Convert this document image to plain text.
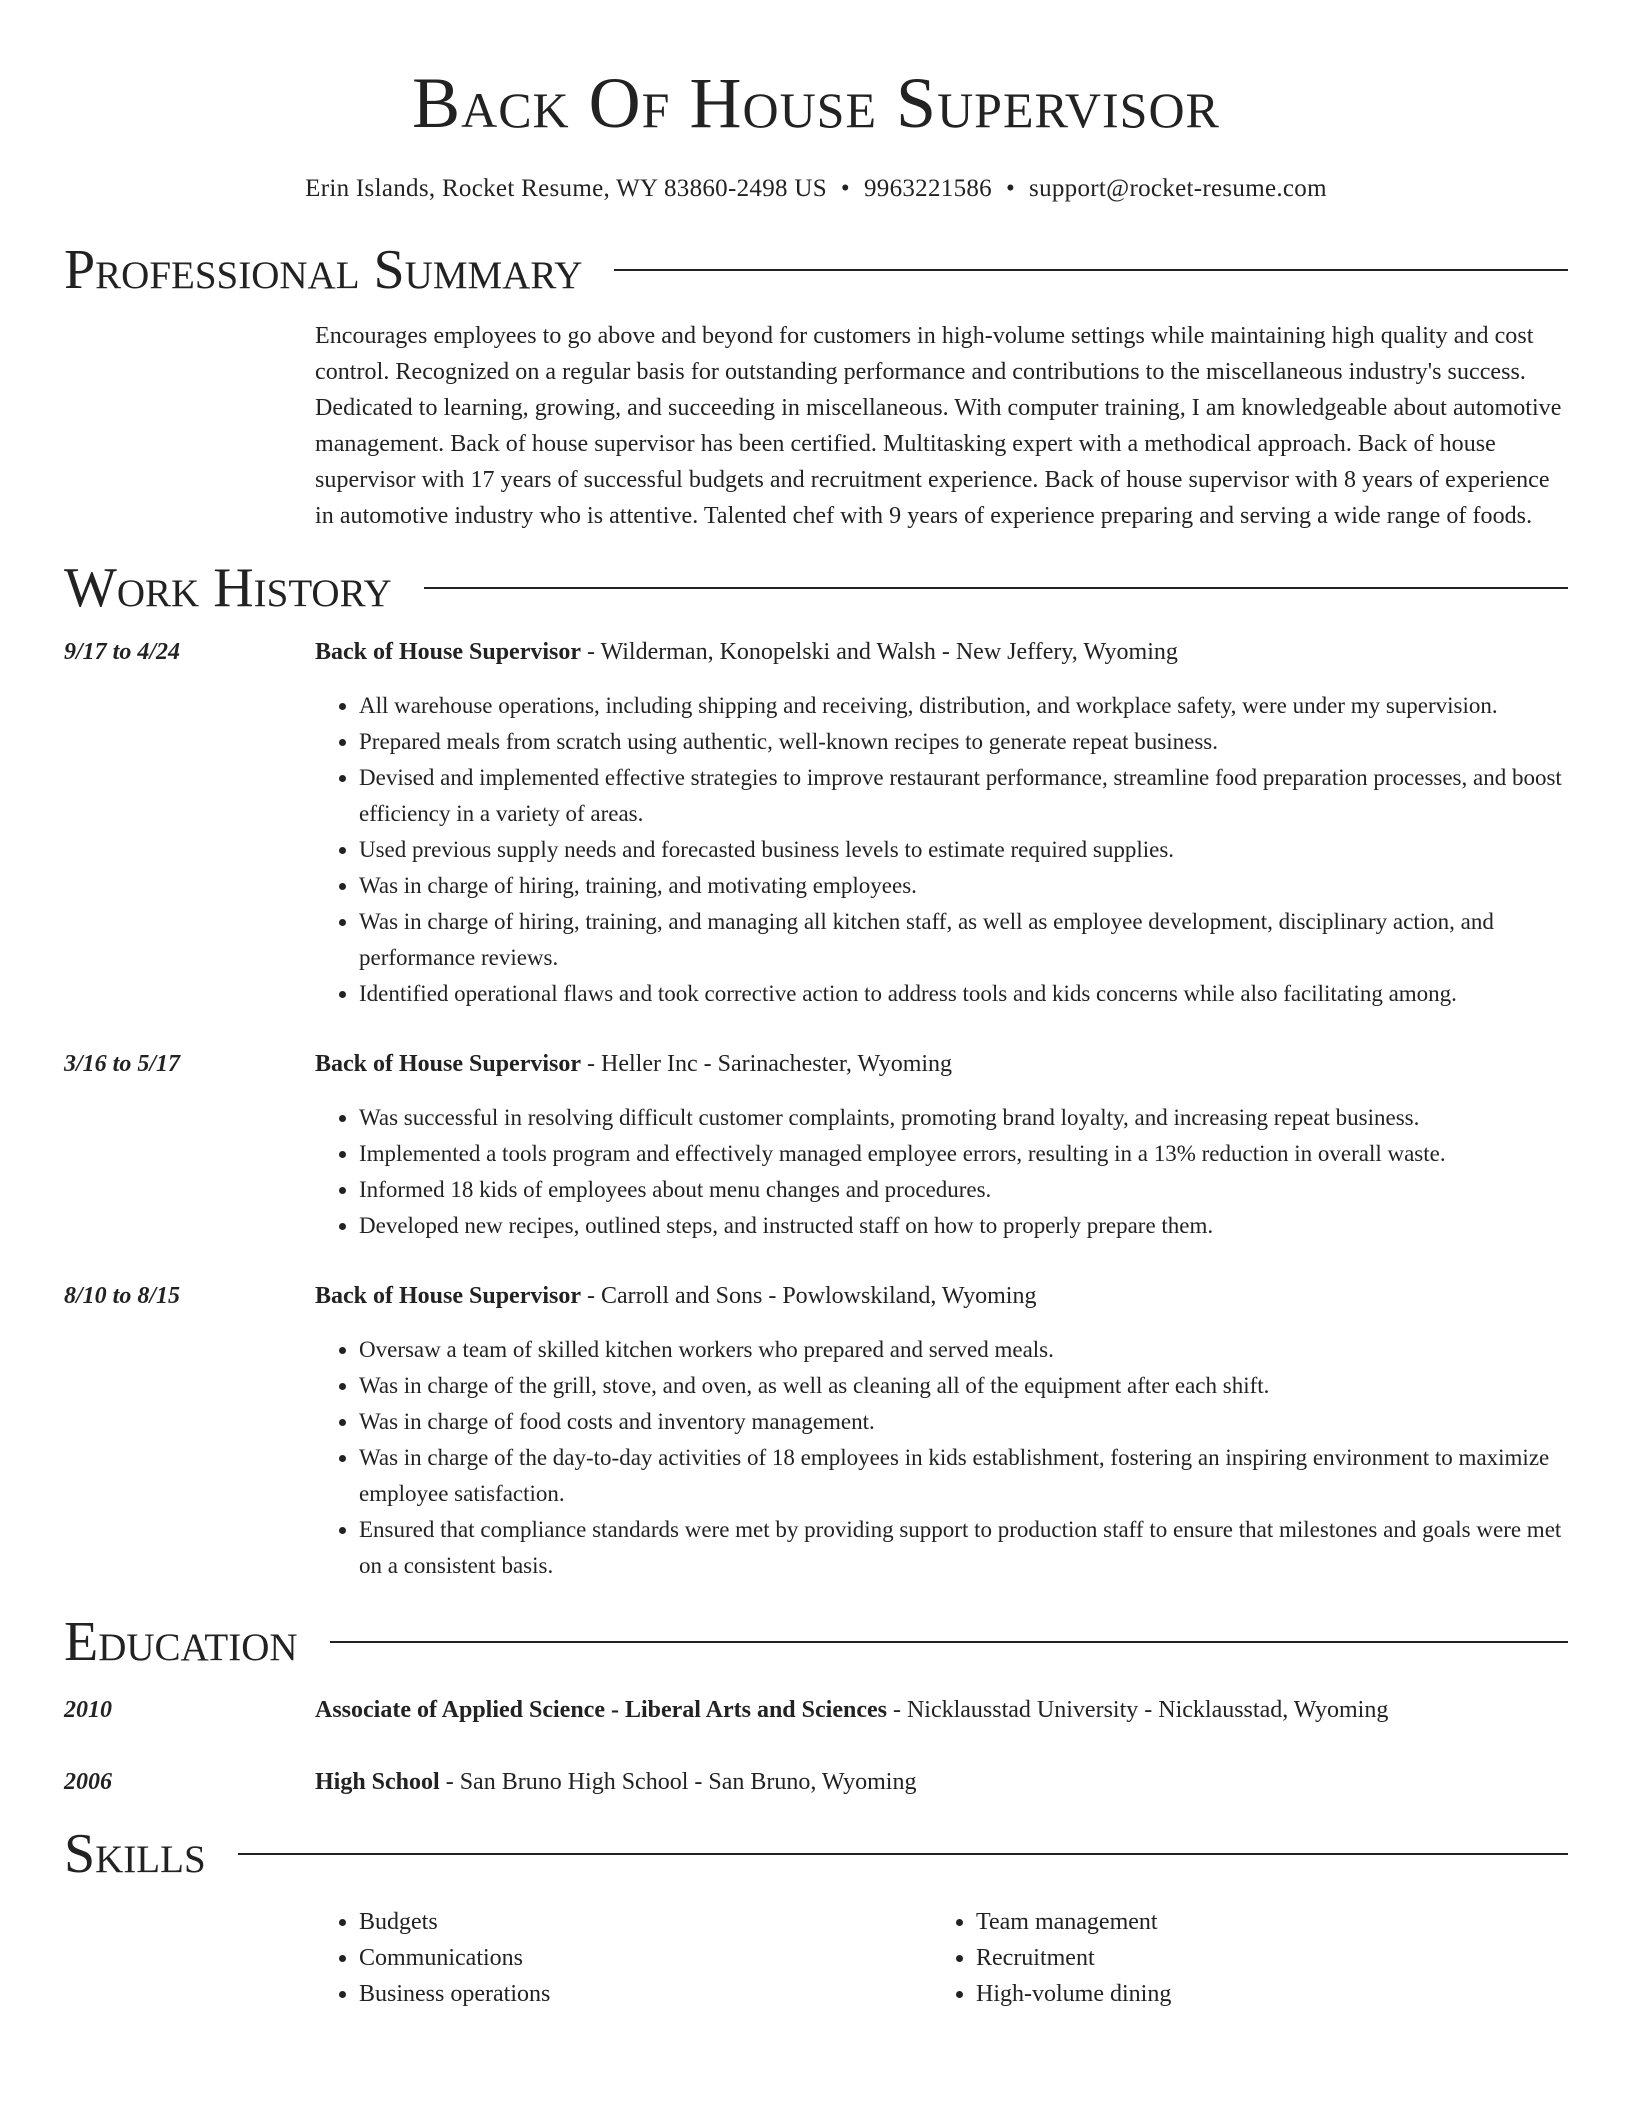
Back Of House Supervisor
Erin Islands, Rocket Resume, WY 83860-2498 US • 9963221586 • support@rocket-resume.com
Professional Summary
Encourages employees to go above and beyond for customers in high-volume settings while maintaining high quality and cost control. Recognized on a regular basis for outstanding performance and contributions to the miscellaneous industry's success. Dedicated to learning, growing, and succeeding in miscellaneous. With computer training, I am knowledgeable about automotive management. Back of house supervisor has been certified. Multitasking expert with a methodical approach. Back of house supervisor with 17 years of successful budgets and recruitment experience. Back of house supervisor with 8 years of experience in automotive industry who is attentive. Talented chef with 9 years of experience preparing and serving a wide range of foods.
Work History
9/17 to 4/24	Back of House Supervisor - Wilderman, Konopelski and Walsh - New Jeffery, Wyoming
• All warehouse operations, including shipping and receiving, distribution, and workplace safety, were under my supervision.
• Prepared meals from scratch using authentic, well-known recipes to generate repeat business.
• Devised and implemented effective strategies to improve restaurant performance, streamline food preparation processes, and boost efficiency in a variety of areas.
• Used previous supply needs and forecasted business levels to estimate required supplies.
• Was in charge of hiring, training, and motivating employees.
• Was in charge of hiring, training, and managing all kitchen staff, as well as employee development, disciplinary action, and performance reviews.
• Identified operational flaws and took corrective action to address tools and kids concerns while also facilitating among.
3/16 to 5/17	Back of House Supervisor - Heller Inc - Sarinachester, Wyoming
• Was successful in resolving difficult customer complaints, promoting brand loyalty, and increasing repeat business.
• Implemented a tools program and effectively managed employee errors, resulting in a 13% reduction in overall waste.
• Informed 18 kids of employees about menu changes and procedures.
• Developed new recipes, outlined steps, and instructed staff on how to properly prepare them.
8/10 to 8/15	Back of House Supervisor - Carroll and Sons - Powlowskiland, Wyoming
• Oversaw a team of skilled kitchen workers who prepared and served meals.
• Was in charge of the grill, stove, and oven, as well as cleaning all of the equipment after each shift.
• Was in charge of food costs and inventory management.
• Was in charge of the day-to-day activities of 18 employees in kids establishment, fostering an inspiring environment to maximize employee satisfaction.
• Ensured that compliance standards were met by providing support to production staff to ensure that milestones and goals were met on a consistent basis.
Education
2010	Associate of Applied Science - Liberal Arts and Sciences - Nicklausstad University - Nicklausstad, Wyoming
2006	High School - San Bruno High School - San Bruno, Wyoming
Skills
• Budgets
• Communications
• Business operations
• Team management
• Recruitment
• High-volume dining
